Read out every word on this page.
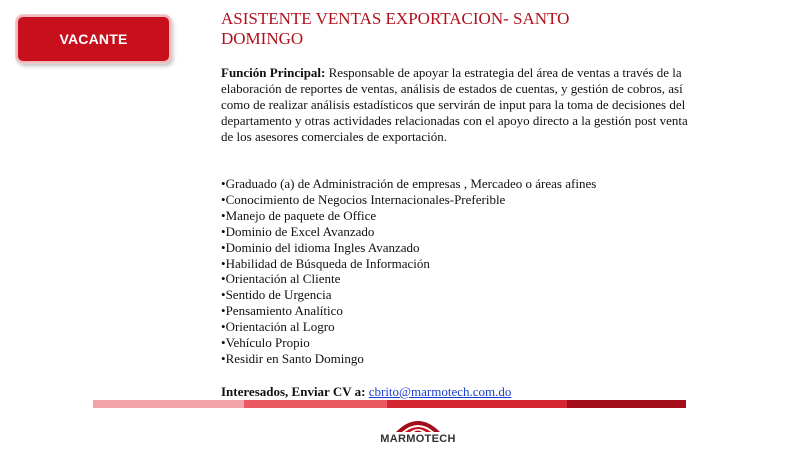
VACANTE
ASISTENTE VENTAS EXPORTACION- SANTO DOMINGO

Función Principal: Responsable de apoyar la estrategia del área de ventas a través de la elaboración de reportes de ventas, análisis de estados de cuentas, y gestión de cobros, así como de realizar análisis estadísticos que servirán de input para la toma de decisiones del departamento y otras actividades relacionadas con el apoyo directo a la gestión post venta de los asesores comerciales de exportación.

• Graduado (a) de Administración de empresas , Mercadeo o áreas afines
• Conocimiento de Negocios Internacionales-Preferible
• Manejo de paquete de Office
• Dominio de Excel Avanzado
• Dominio del idioma Ingles Avanzado
• Habilidad de Búsqueda de Información
• Orientación al Cliente
• Sentido de Urgencia
• Pensamiento Analítico
• Orientación al Logro
• Vehículo Propio
• Residir en Santo Domingo
Interesados, Enviar CV a: cbrito@marmotech.com.do
MARMOTECH
